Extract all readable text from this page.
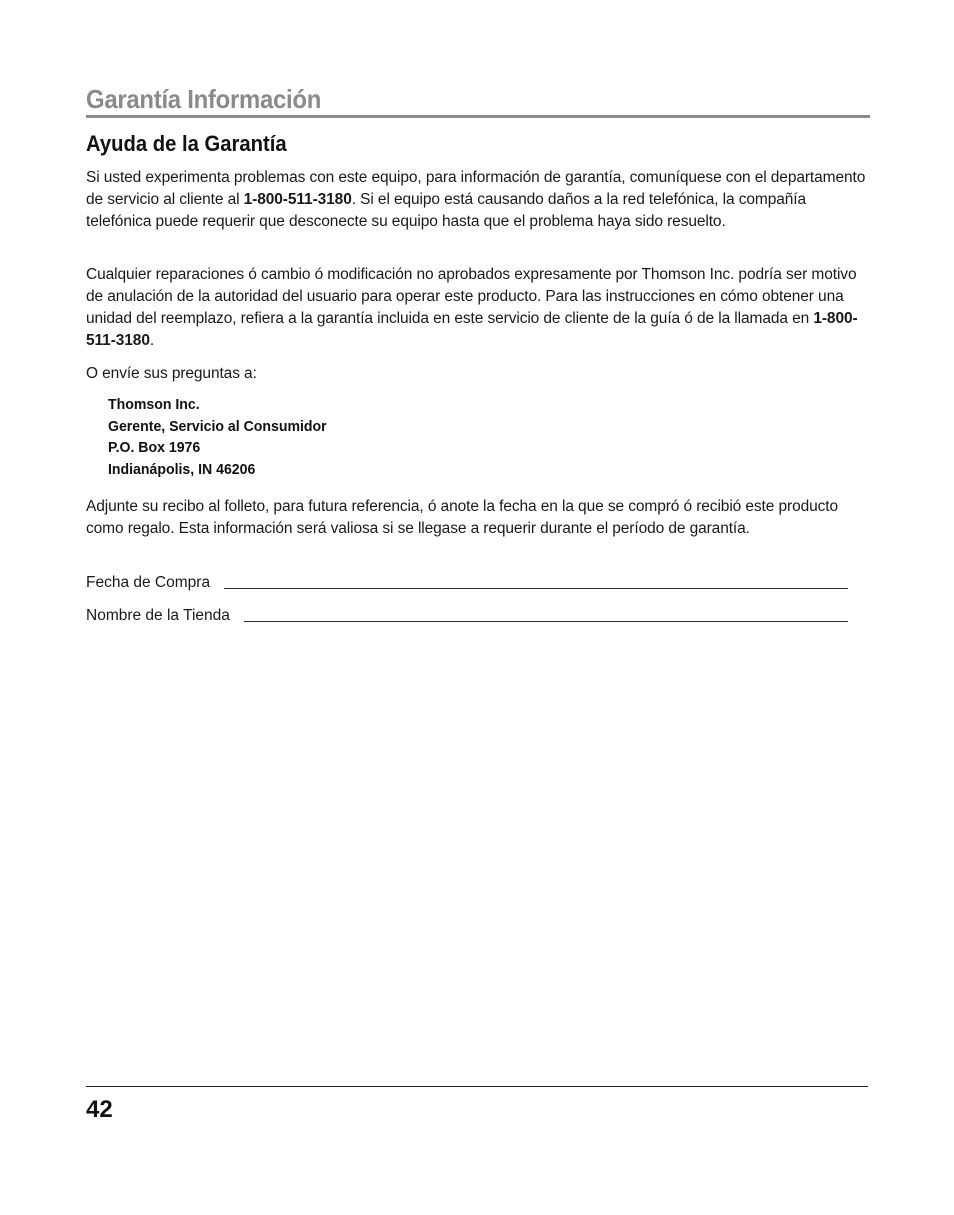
Garantía Información
Ayuda de la Garantía

Si usted experimenta problemas con este equipo, para información de garantía, comuníquese con el departamento de servicio al cliente al 1-800-511-3180. Si el equipo está causando daños a la red telefónica, la compañía telefónica puede requerir que desconecte su equipo hasta que el problema haya sido resuelto.

Cualquier reparaciones ó cambio ó modificación no aprobados expresamente por Thomson Inc. podría ser motivo de anulación de la autoridad del usuario para operar este producto. Para las instrucciones en cómo obtener una unidad del reemplazo, refiera a la garantía incluida en este servicio de cliente de la guía ó de la llamada en 1-800-511-3180.

O envíe sus preguntas a:

Thomson Inc.
Gerente, Servicio al Consumidor
P.O. Box 1976
Indianápolis, IN 46206

Adjunte su recibo al folleto, para futura referencia, ó anote la fecha en la que se compró ó recibió este producto como regalo. Esta información será valiosa si se llegase a requerir durante el período de garantía.

Fecha de Compra
Nombre de la Tienda
42
